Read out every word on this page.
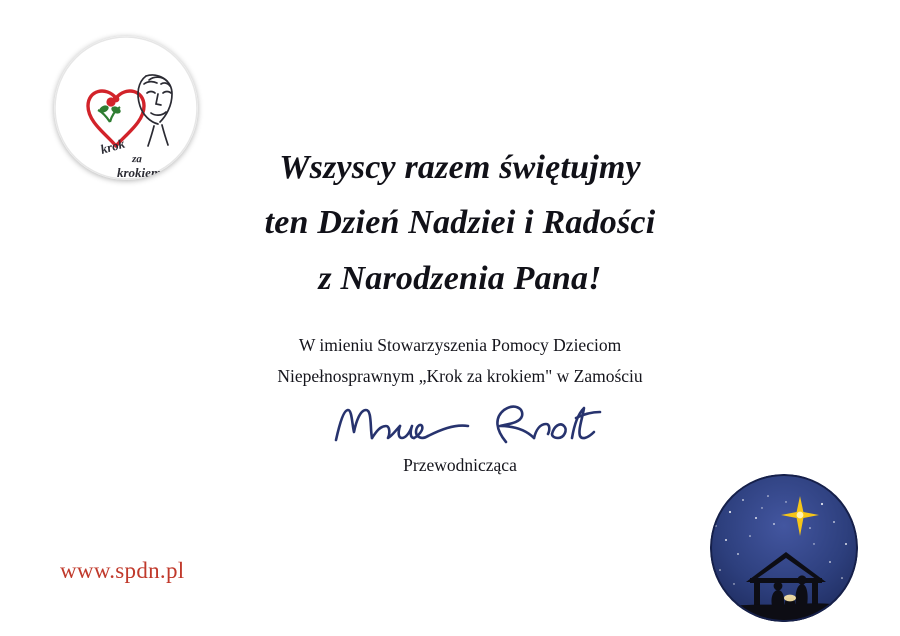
krok
za
krokiem	Wszyscy razem świętujmy
ten Dzień Nadziei i Radości
z Narodzenia Pana!
W imieniu Stowarzyszenia Pomocy Dzieciom
Niepełnosprawnym „Krok za krokiem" w Zamościu
Przewodnicząca
www.spdn.pl
